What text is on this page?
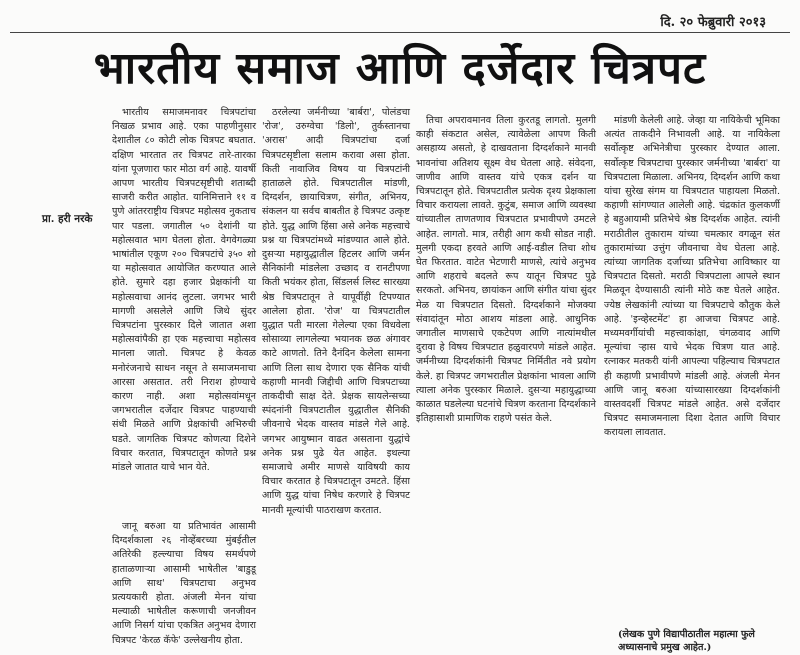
दि. २० फेब्रुवारी २०१३
भारतीय समाज आणि दर्जेदार चित्रपट
प्रा. हरी नरके

भारतीय समाजमनावर चित्रपटांचा निखळ प्रभाव आहे. एका पाहणीनुसार देशातील ८० कोटी लोक चित्रपट बघतात. दक्षिण भारतात तर चित्रपट तारे-तारका यांना पूजणारा फार मोठा वर्ग आहे. यावर्षी आपण भारतीय चित्रपटसृष्टीची शताब्दी साजरी करीत आहोत. यानिमित्ताने ११ व पुणे आंतरराष्ट्रीय चित्रपट महोत्सव नुकताच पार पडला. जगातील ५० देशांनी या महोत्सवात भाग घेतला होता. वेगवेगळ्या भाषांतील एकूण २०० चित्रपटांचे ३५० शो या महोत्सवात आयोजित करण्यात आले होते. सुमारे दहा हजार प्रेक्षकांनी या महोत्सवाचा आनंद लुटला. जगभर भारी मागणी असलेले आणि जिथे सुंदर चित्रपटांना पुरस्कार दिले जातात अशा महोत्सवांपैकी हा एक महत्त्वाचा महोत्सव मानला जातो. चित्रपट हे केवळ मनोरंजनाचे साधन नसून ते समाजमनाचा आरसा असतात. तरी निराश होण्याचे कारण नाही. अशा महोत्सवांमधून जगभरातील दर्जेदार चित्रपट पाहण्याची संधी मिळते आणि प्रेक्षकांची अभिरुची घडते. जागतिक चित्रपट कोणत्या दिशेने विचार करतात, चित्रपटातून कोणते प्रश्न मांडले जातात याचे भान येते.

ठरलेल्या जर्मनीच्या 'बार्बरा', पोलंडचा 'रोज', उरुग्वेचा 'डिलो', तुर्कस्तानचा 'अरास' आदी चित्रपटांचा दर्जा चित्रपटसृष्टीला सलाम करावा असा होता. किती नावाजिव विषय या चित्रपटांनी हाताळले होते. चित्रपटातील मांडणी, दिग्दर्शन, छायाचित्रण, संगीत, अभिनय, संकलन या सर्वच बाबतीत हे चित्रपट उत्कृष्ट होते. युद्ध आणि हिंसा असे अनेक महत्त्वाचे प्रश्न या चित्रपटांमध्ये मांडण्यात आले होते. दुसऱ्या महायुद्धातील हिटलर आणि जर्मन सैनिकांनी मांडलेला उच्छाद व रानटीपणा किती भयंकर होता, सिंडलर्स लिस्ट सारख्या श्रेष्ठ चित्रपटातून ते यापूर्वीही टिपण्यात आलेला होता. 'रोज' या चित्रपटातील युद्धात पती मारला गेलेल्या एका विधवेला सोसाव्या लागलेल्या भयानक छळ अंगावर काटे आणतो. तिने दैनंदिन केलेला सामना आणि तिला साथ देणारा एक सैनिक यांची कहाणी मानवी जिद्दीची आणि चित्रपटाच्या ताकदीची साक्ष देते. प्रेक्षक सायलेन्सच्या स्पंदनांनी चित्रपटातील युद्धातील सैनिकी जीवनाचे भेदक वास्तव मांडले गेले आहे. जगभर आयुष्मान वाढत असताना युद्धांचे अनेक प्रश्न पुढे येत आहेत. इथल्या समाजाचे अमीर माणसे याविषयी काय विचार करतात हे चित्रपटातून उमटते. हिंसा आणि युद्ध यांचा निषेध करणारे हे चित्रपट मानवी मूल्यांची पाठराखण करतात.

तिचा अपरावमानव तिला कुरतडू लागतो. मुलगी काही संकटात असेल, त्यावेळेला आपण किती असहाय्य असतो, हे दाखवताना दिग्दर्शकाने मानवी भावनांचा अतिशय सूक्ष्म वेध घेतला आहे. संवेदना, जाणीव आणि वास्तव यांचे एकत्र दर्शन या चित्रपटातून होते. चित्रपटातील प्रत्येक दृश्य प्रेक्षकाला विचार करायला लावते. कुटुंब, समाज आणि व्यवस्था यांच्यातील ताणतणाव चित्रपटात प्रभावीपणे उमटले आहेत. लागतो. मात्र, तरीही आग कधी सोडत नाही. मुलगी एकदा हरवते आणि आई-वडील तिचा शोध घेत फिरतात. वाटेत भेटणारी माणसे, त्यांचे अनुभव आणि शहराचे बदलते रूप यातून चित्रपट पुढे सरकतो. अभिनय, छायांकन आणि संगीत यांचा सुंदर मेळ या चित्रपटात दिसतो. दिग्दर्शकाने मोजक्या संवादांतून मोठा आशय मांडला आहे. आधुनिक जगातील माणसाचे एकटेपण आणि नात्यांमधील दुरावा हे विषय चित्रपटात हळुवारपणे मांडले आहेत. जर्मनीच्या दिग्दर्शकांनी चित्रपट निर्मितीत नवे प्रयोग केले. हा चित्रपट जगभरातील प्रेक्षकांना भावला आणि त्याला अनेक पुरस्कार मिळाले. दुसऱ्या महायुद्धाच्या काळात घडलेल्या घटनांचे चित्रण करताना दिग्दर्शकाने इतिहासाशी प्रामाणिक राहणे पसंत केले.

मांडणी केलेली आहे. जेव्हा या नायिकेची भूमिका अत्यंत ताकदीने निभावली आहे. या नायिकेला सर्वोत्कृष्ट अभिनेत्रीचा पुरस्कार देण्यात आला. सर्वोत्कृष्ट चित्रपटाचा पुरस्कार जर्मनीच्या 'बार्बरा' या चित्रपटाला मिळाला. अभिनय, दिग्दर्शन आणि कथा यांचा सुरेख संगम या चित्रपटात पाहायला मिळतो. कहाणी सांगण्यात आलेली आहे. चंद्रकांत कुलकर्णी हे बहुआयामी प्रतिभेचे श्रेष्ठ दिग्दर्शक आहेत. त्यांनी मराठीतील तुकाराम यांच्या चमत्कार वगळून संत तुकारामांच्या उत्तुंग जीवनाचा वेध घेतला आहे. त्यांच्या जागतिक दर्जाच्या प्रतिभेचा आविष्कार या चित्रपटात दिसतो. मराठी चित्रपटाला आपले स्थान मिळवून देण्यासाठी त्यांनी मोठे कष्ट घेतले आहेत. ज्येष्ठ लेखकांनी त्यांच्या या चित्रपटाचे कौतुक केले आहे. 'इन्व्हेस्टमेंट' हा आजचा चित्रपट आहे. मध्यमवर्गीयांची महत्त्वाकांक्षा, चंगळवाद आणि मूल्यांचा ऱ्हास याचे भेदक चित्रण यात आहे. रत्नाकर मतकरी यांनी आपल्या पहिल्याच चित्रपटात ही कहाणी प्रभावीपणे मांडली आहे. अंजली मेनन आणि जानू बरुआ यांच्यासारख्या दिग्दर्शकांनी वास्तवदर्शी चित्रपट मांडले आहेत. असे दर्जेदार चित्रपट समाजमनाला दिशा देतात आणि विचार करायला लावतात.

जानू बरुआ या प्रतिभावंत आसामी दिग्दर्शकाला २६ नोव्हेंबरच्या मुंबईतील अतिरेकी हल्ल्याचा विषय समर्थपणे हाताळणाऱ्या आसामी भाषेतील 'बाडुडू आणि साथ' चित्रपटाचा अनुभव प्रत्ययकारी होता. अंजली मेनन यांचा मल्याळी भाषेतील करूणाची जनजीवन आणि निसर्ग यांचा एकत्रित अनुभव देणारा चित्रपट 'केरळ कॅफे' उल्लेखनीय होता.

(लेखक पुणे विद्यापीठातील महात्मा फुले अध्यासनाचे प्रमुख आहेत.)
